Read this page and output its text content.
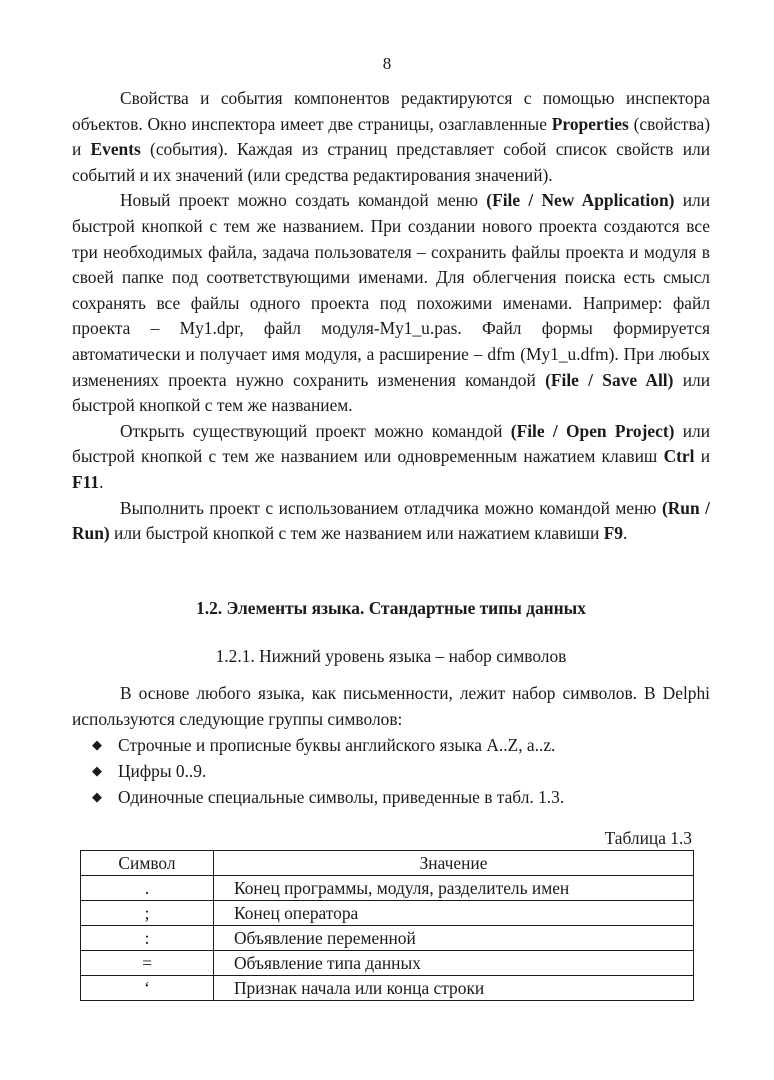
8

Свойства и события компонентов редактируются с помощью инспектора объектов. Окно инспектора имеет две страницы, озаглавленные Properties (свойства) и Events (события). Каждая из страниц представляет собой список свойств или событий и их значений (или средства редактирования значений).

Новый проект можно создать командой меню (File / New Application) или быстрой кнопкой с тем же названием. При создании нового проекта создаются все три необходимых файла, задача пользователя – сохранить файлы проекта и модуля в своей папке под соответствующими именами. Для облегчения поиска есть смысл сохранять все файлы одного проекта под похожими именами. Например: файл проекта – My1.dpr, файл модуля-My1_u.pas. Файл формы формируется автоматически и получает имя модуля, а расширение – dfm (My1_u.dfm). При любых изменениях проекта нужно сохранить изменения командой (File / Save All) или быстрой кнопкой с тем же названием.

Открыть существующий проект можно командой (File / Open Project) или быстрой кнопкой с тем же названием или одновременным нажатием клавиш Ctrl и F11.

Выполнить проект с использованием отладчика можно командой меню (Run / Run) или быстрой кнопкой с тем же названием или нажатием клавиши F9.

1.2. Элементы языка. Стандартные типы данных
1.2.1. Нижний уровень языка – набор символов

В основе любого языка, как письменности, лежит набор символов. В Delphi используются следующие группы символов:

◆ Строчные и прописные буквы английского языка A..Z, a..z.
◆ Цифры 0..9.
◆ Одиночные специальные символы, приведенные в табл. 1.3.
Таблица 1.3
Символ	Значение
.	Конец программы, модуля, разделитель имен
;	Конец оператора
:	Объявление переменной
=	Объявление типа данных
‘	Признак начала или конца строки
